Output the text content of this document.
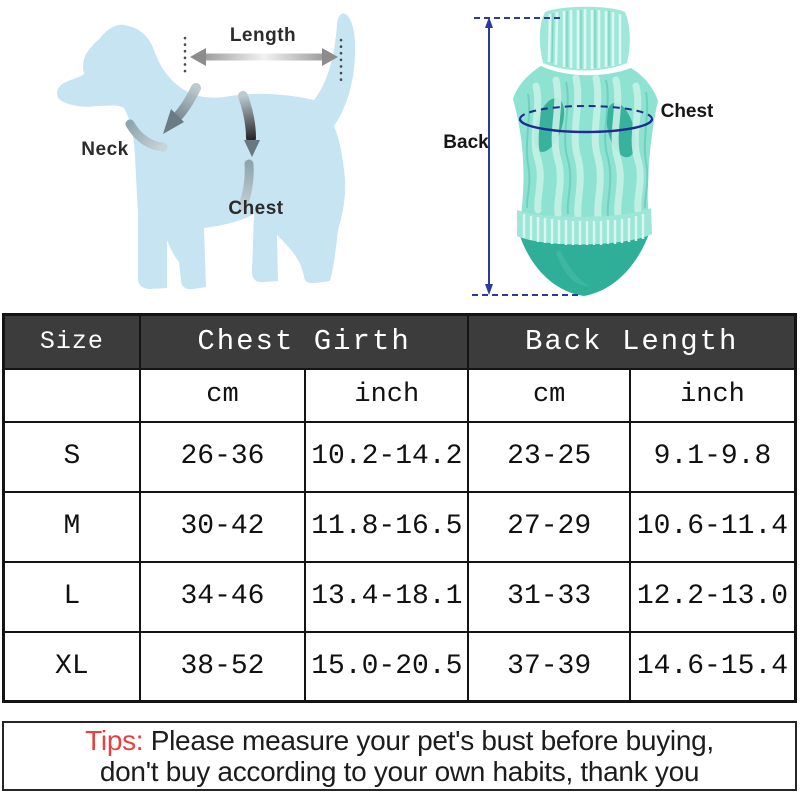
Length
Neck
Chest
Back
Chest
Size	Chest Girth		Back Length	
	cm	inch	cm	inch
S	26-36	10.2-14.2	23-25	9.1-9.8
M	30-42	11.8-16.5	27-29	10.6-11.4
L	34-46	13.4-18.1	31-33	12.2-13.0
XL	38-52	15.0-20.5	37-39	14.6-15.4
Tips: Please measure your pet's bust before buying,
don't buy according to your own habits, thank you
